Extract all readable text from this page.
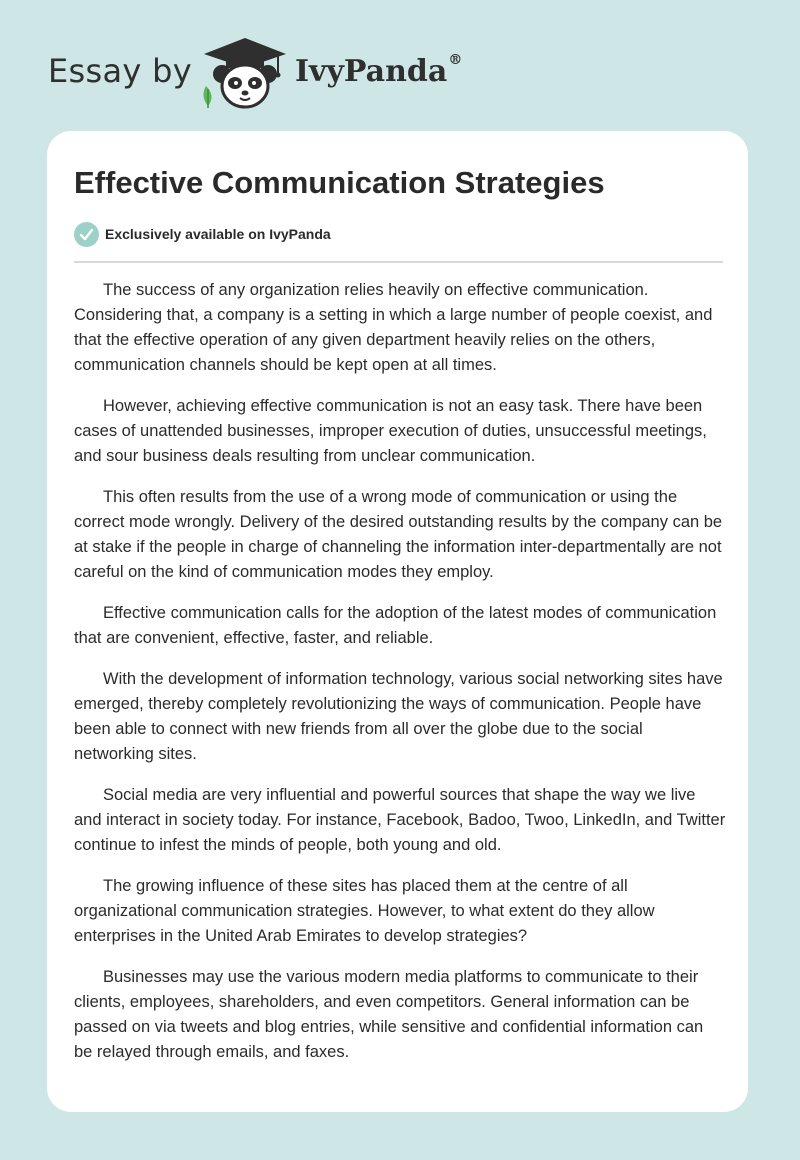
Essay by	IvyPanda®
Effective Communication Strategies
Exclusively available on IvyPanda

The success of any organization relies heavily on effective communication. Considering that, a company is a setting in which a large number of people coexist, and that the effective operation of any given department heavily relies on the others, communication channels should be kept open at all times.

However, achieving effective communication is not an easy task. There have been cases of unattended businesses, improper execution of duties, unsuccessful meetings, and sour business deals resulting from unclear communication.

This often results from the use of a wrong mode of communication or using the correct mode wrongly. Delivery of the desired outstanding results by the company can be at stake if the people in charge of channeling the information inter-departmentally are not careful on the kind of communication modes they employ.

Effective communication calls for the adoption of the latest modes of communication that are convenient, effective, faster, and reliable.

With the development of information technology, various social networking sites have emerged, thereby completely revolutionizing the ways of communication. People have been able to connect with new friends from all over the globe due to the social networking sites.

Social media are very influential and powerful sources that shape the way we live and interact in society today. For instance, Facebook, Badoo, Twoo, LinkedIn, and Twitter continue to infest the minds of people, both young and old.

The growing influence of these sites has placed them at the centre of all organizational communication strategies. However, to what extent do they allow enterprises in the United Arab Emirates to develop strategies?

Businesses may use the various modern media platforms to communicate to their clients, employees, shareholders, and even competitors. General information can be passed on via tweets and blog entries, while sensitive and confidential information can be relayed through emails, and faxes.
